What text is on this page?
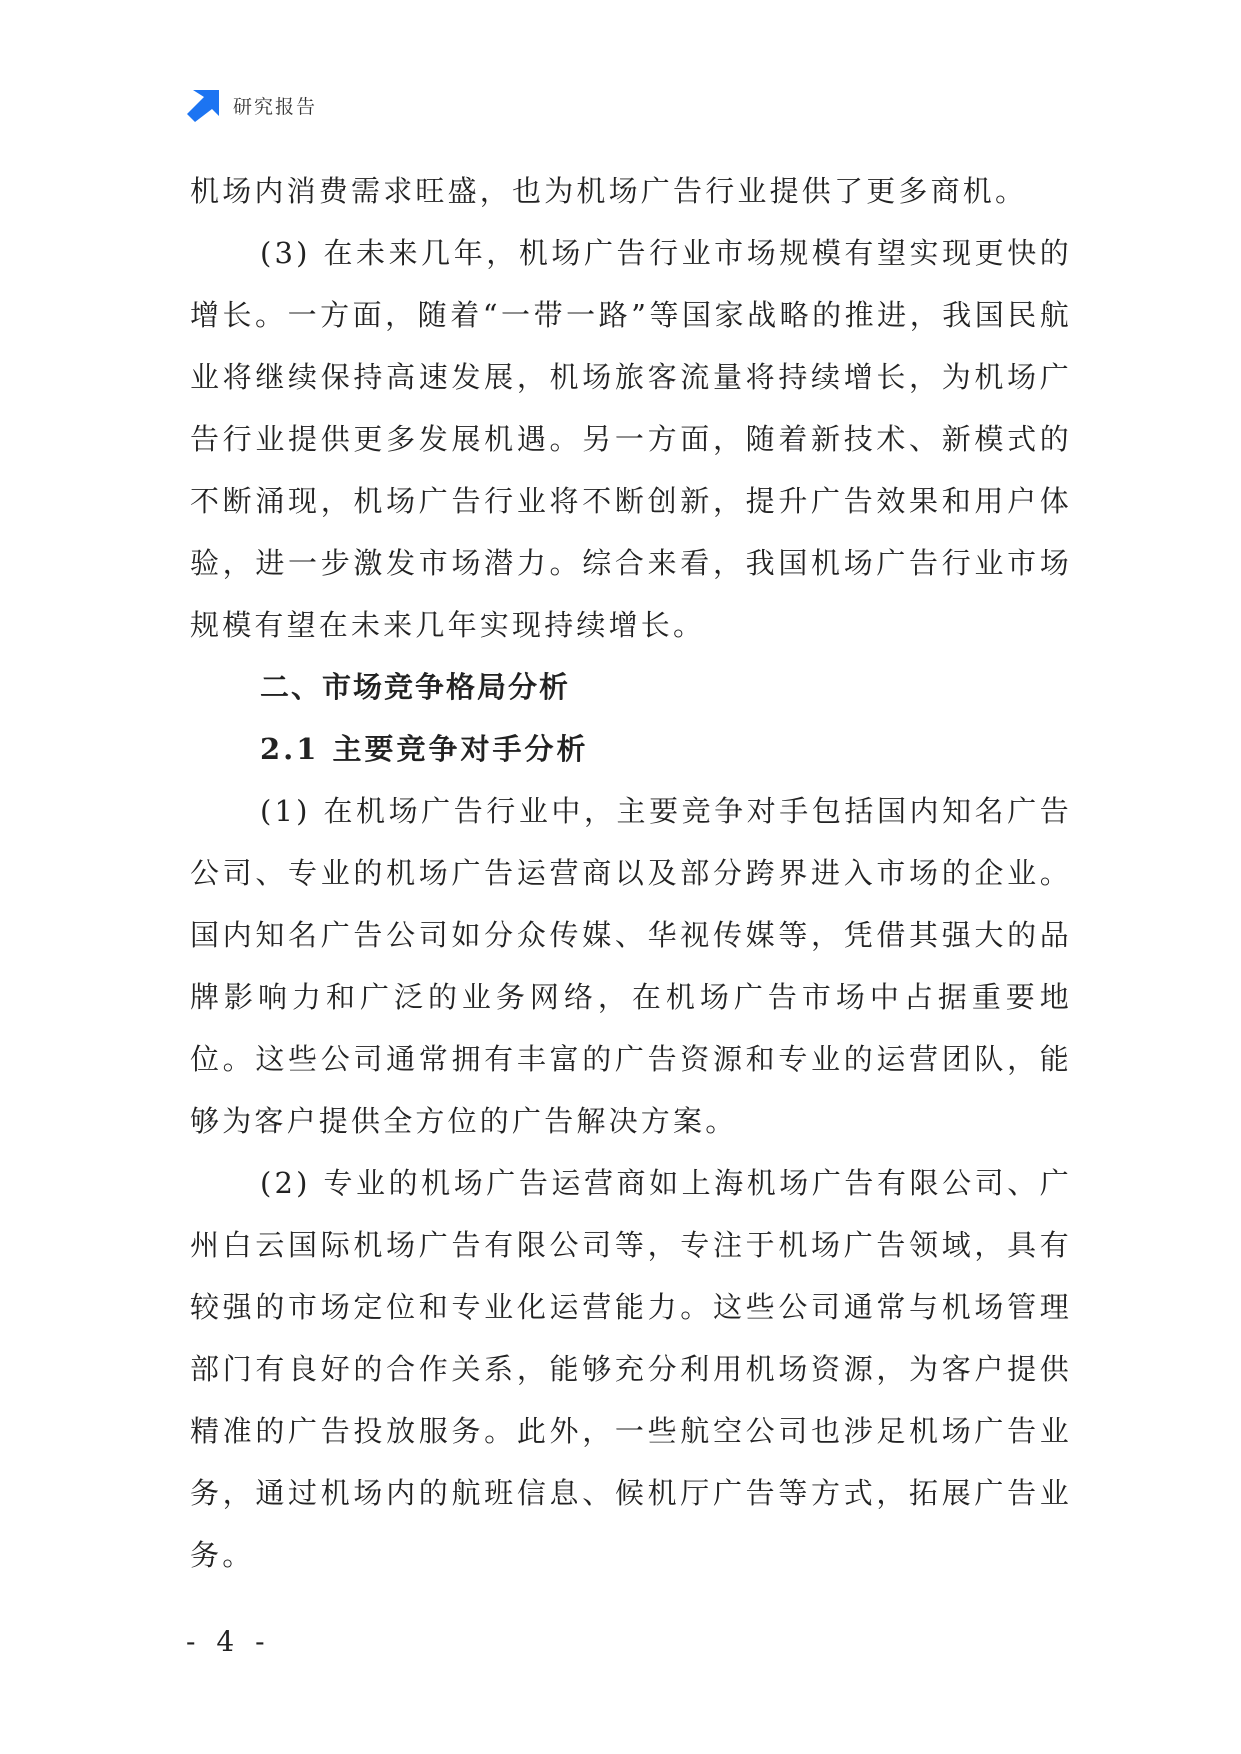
研究报告

机场内消费需求旺盛，也为机场广告行业提供了更多商机。

(3) 在未来几年，机场广告行业市场规模有望实现更快的增长。一方面，随着“一带一路”等国家战略的推进，我国民航业将继续保持高速发展，机场旅客流量将持续增长，为机场广告行业提供更多发展机遇。另一方面，随着新技术、新模式的不断涌现，机场广告行业将不断创新，提升广告效果和用户体验，进一步激发市场潜力。综合来看，我国机场广告行业市场规模有望在未来几年实现持续增长。

二、市场竞争格局分析
2.1 主要竞争对手分析

(1) 在机场广告行业中，主要竞争对手包括国内知名广告公司、专业的机场广告运营商以及部分跨界进入市场的企业。国内知名广告公司如分众传媒、华视传媒等，凭借其强大的品牌影响力和广泛的业务网络，在机场广告市场中占据重要地位。这些公司通常拥有丰富的广告资源和专业的运营团队，能够为客户提供全方位的广告解决方案。

(2) 专业的机场广告运营商如上海机场广告有限公司、广州白云国际机场广告有限公司等，专注于机场广告领域，具有较强的市场定位和专业化运营能力。这些公司通常与机场管理部门有良好的合作关系，能够充分利用机场资源，为客户提供精准的广告投放服务。此外，一些航空公司也涉足机场广告业务，通过机场内的航班信息、候机厅广告等方式，拓展广告业务。

- 4 -
